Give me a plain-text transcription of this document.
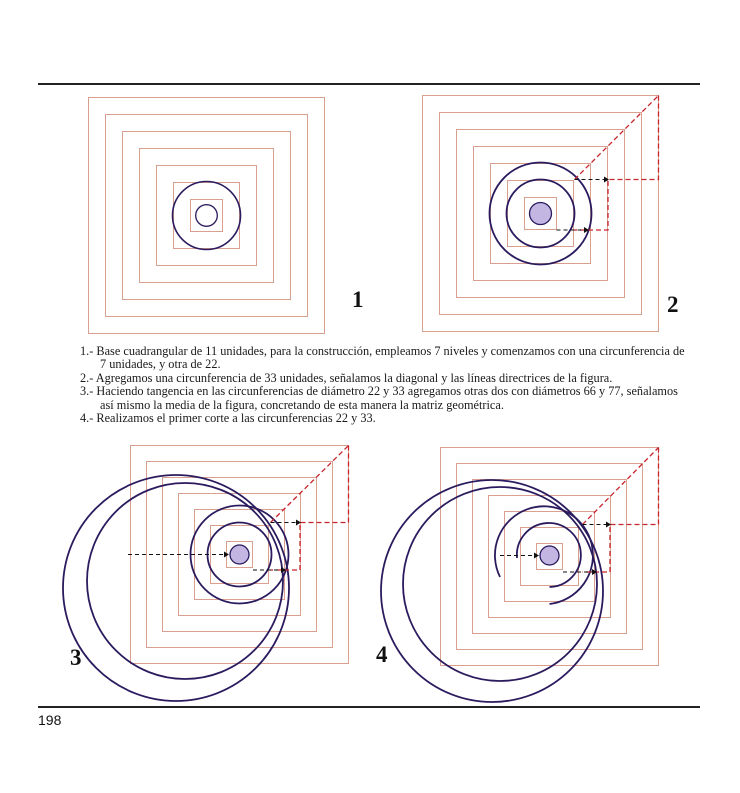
1	2
3	4
1.- Base cuadrangular de 11 unidades, para la construcción, empleamos 7 niveles y comenzamos con una circunferencia de 7 unidades, y otra de 22.
2.- Agregamos una circunferencia de 33 unidades, señalamos la diagonal y las líneas directrices de la figura.
3.- Haciendo tangencia en las circunferencias de diámetro 22 y 33 agregamos otras dos con diámetros 66 y 77, señalamos así mismo la media de la figura, concretando de esta manera la matriz geométrica.
4.- Realizamos el primer corte a las circunferencias 22 y 33.
198
